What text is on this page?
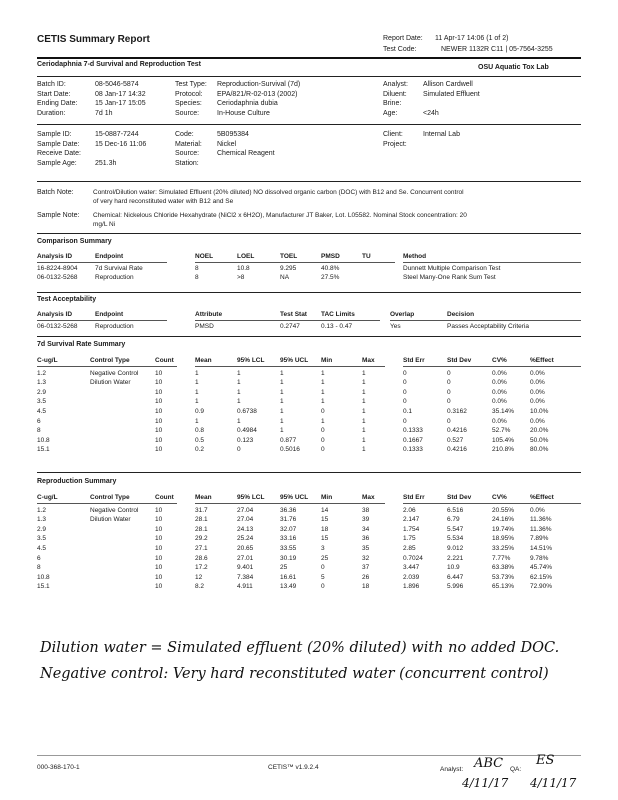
CETIS Summary Report	Report Date: 11 Apr-17 14:06 (1 of 2)
Test Code:	NEWER 1132R C11 | 05-7564-3255
Ceriodaphnia 7-d Survival and Reproduction Test	OSU Aquatic Tox Lab
Batch ID:	08-5046-5874	Test Type: Reproduction-Survival (7d)	Analyst: Allison Cardwell
Start Date:	08 Jan-17 14:32	Protocol: EPA/821/R-02-013 (2002)	Diluent: Simulated Effluent
Ending Date:	15 Jan-17 15:05	Species: Ceriodaphnia dubia	Brine:
Duration:	7d 1h	Source:	In-House Culture	Age:	<24h
Sample ID:	15-0887-7244	Code:	5B095384	Client:	Internal Lab
Sample Date: 15 Dec-16 11:06	Material: Nickel	Project:
Receive Date:	Source:	Chemical Reagent
Sample Age:	251.3h	Station:
Batch Note:	Control/Dilution water: Simulated Effluent (20% diluted) NO dissolved organic carbon (DOC) with B12 and Se. Concurrent control
of very hard reconstituted water with B12 and Se
Sample Note: Chemical: Nickelous Chloride Hexahydrate (NiCl2 x 6H2O), Manufacturer JT Baker, Lot. L05582. Nominal Stock concentration: 20
mg/L Ni
Comparison Summary
Analysis ID	Endpoint	NOEL	LOEL	TOEL	PMSD	TU	Method
16-8224-8904	7d Survival Rate	8	10.8	9.295	40.8%	Dunnett Multiple Comparison Test
06-0132-5268	Reproduction	8	>8	NA	27.5%	Steel Many-One Rank Sum Test
Test Acceptability
Analysis ID	Endpoint	Attribute	Test Stat TAC Limits	Overlap	Decision
06-0132-5268	Reproduction	PMSD	0.2747	0.13 - 0.47	Yes	Passes Acceptability Criteria
7d Survival Rate Summary
C-ug/L	Control Type	Count	Mean	95% LCL 95% UCL Min	Max	Std Err	Std Dev	CV%	%Effect
1.2	Negative Control	10	1	1	1	1	1	0	0	0.0%	0.0%
1.3	Dilution Water	10	1	1	1	1	1	0	0	0.0%	0.0%
2.9	10	1	1	1	1	1	0	0	0.0%	0.0%
3.5	10	1	1	1	1	1	0	0	0.0%	0.0%
4.5	10	0.9	0.6738	1	0	1	0.1	0.3162	35.14% 10.0%
6	10	1	1	1	1	1	0	0	0.0%	0.0%
8	10	0.8	0.4984	1	0	1	0.1333	0.4216	52.7%	20.0%
10.8	10	0.5	0.123	0.877	0	1	0.1667	0.527	105.4% 50.0%
15.1	10	0.2	0	0.5016	0	1	0.1333	0.4216	210.8% 80.0%
Reproduction Summary
C-ug/L	Control Type	Count	Mean	95% LCL 95% UCL Min	Max	Std Err	Std Dev	CV%	%Effect
1.2	Negative Control	10	31.7	27.04	36.36	14	38	2.06	6.516	20.55% 0.0%
1.3	Dilution Water	10	28.1	27.04	31.76	15	39	2.147	6.79	24.16% 11.36%
2.9	10	28.1	24.13	32.07	18	34	1.754	5.547	19.74% 11.36%
3.5	10	29.2	25.24	33.16	15	36	1.75	5.534	18.95% 7.89%
4.5	10	27.1	20.65	33.55	3	35	2.85	9.012	33.25% 14.51%
6	10	28.6	27.01	30.19	25	32	0.7024	2.221	7.77%	9.78%
8	10	17.2	9.401	25	0	37	3.447	10.9	63.38% 45.74%
10.8	10	12	7.384	16.61	5	26	2.039	6.447	53.73% 62.15%
15.1	10	8.2	4.911	13.49	0	18	1.896	5.996	65.13% 72.90%
Dilution water = Simulated effluent (20% diluted) with no added DOC.
Negative control: Very hard reconstituted water (concurrent control)
000-368-170-1	CETIS™ v1.9.2.4	Analyst: ABC QA:
ES
4/11/17 4/11/17
